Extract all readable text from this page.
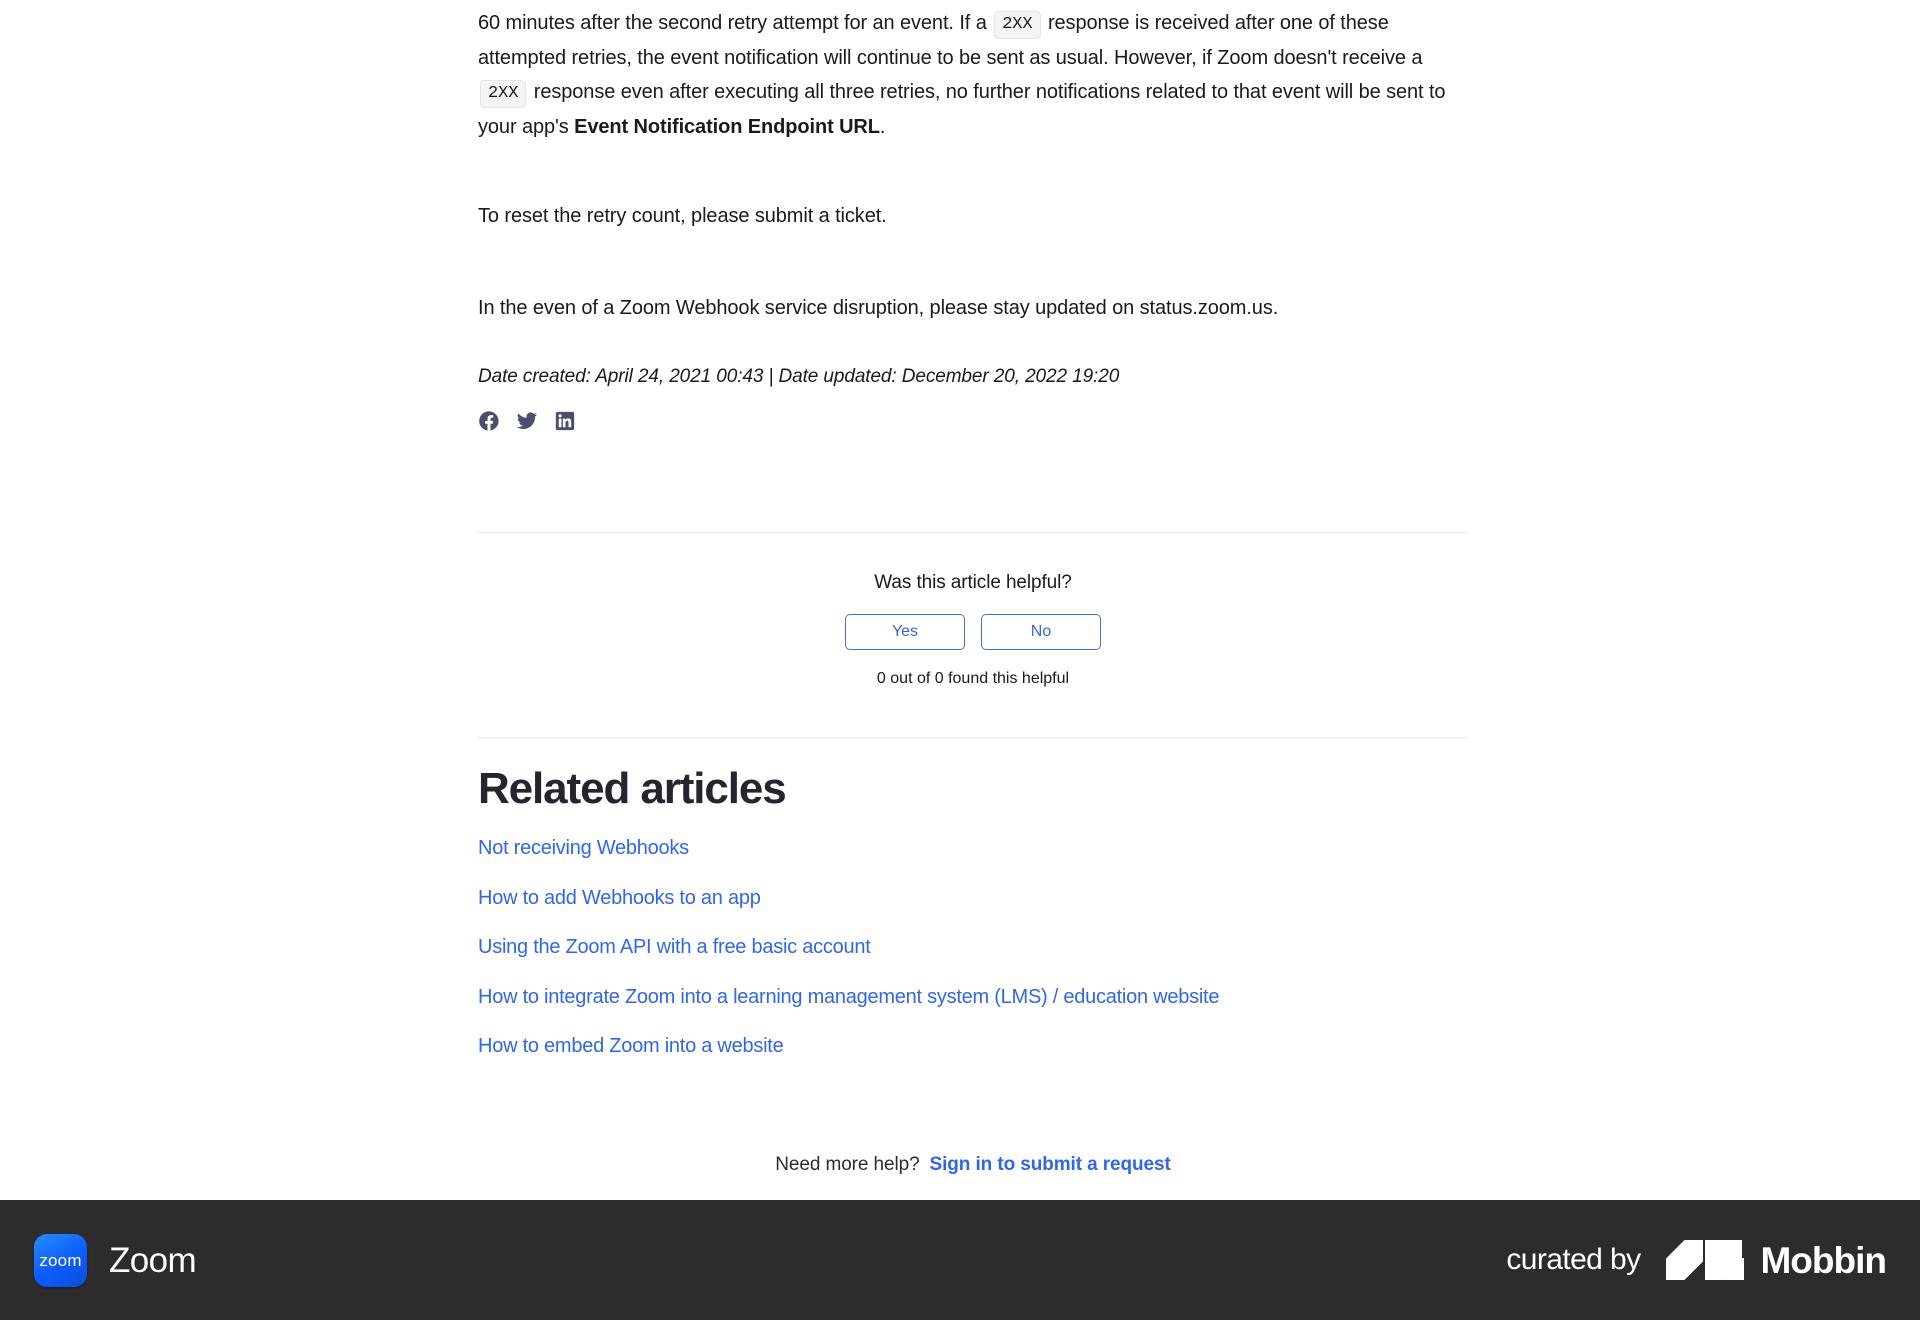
60 minutes after the second retry attempt for an event. If a 2XX response is received after one of these attempted retries, the event notification will continue to be sent as usual. However, if Zoom doesn't receive a 2XX response even after executing all three retries, no further notifications related to that event will be sent to your app's Event Notification Endpoint URL.

To reset the retry count, please submit a ticket.

In the even of a Zoom Webhook service disruption, please stay updated on status.zoom.us.

Date created: April 24, 2021 00:43 | Date updated: December 20, 2022 19:20

Was this article helpful?
Yes	No
0 out of 0 found this helpful
Related articles
Not receiving Webhooks
How to add Webhooks to an app
Using the Zoom API with a free basic account
How to integrate Zoom into a learning management system (LMS) / education website
How to embed Zoom into a website
Need more help? Sign in to submit a request
zoom Zoom	curated by	Mobbin
